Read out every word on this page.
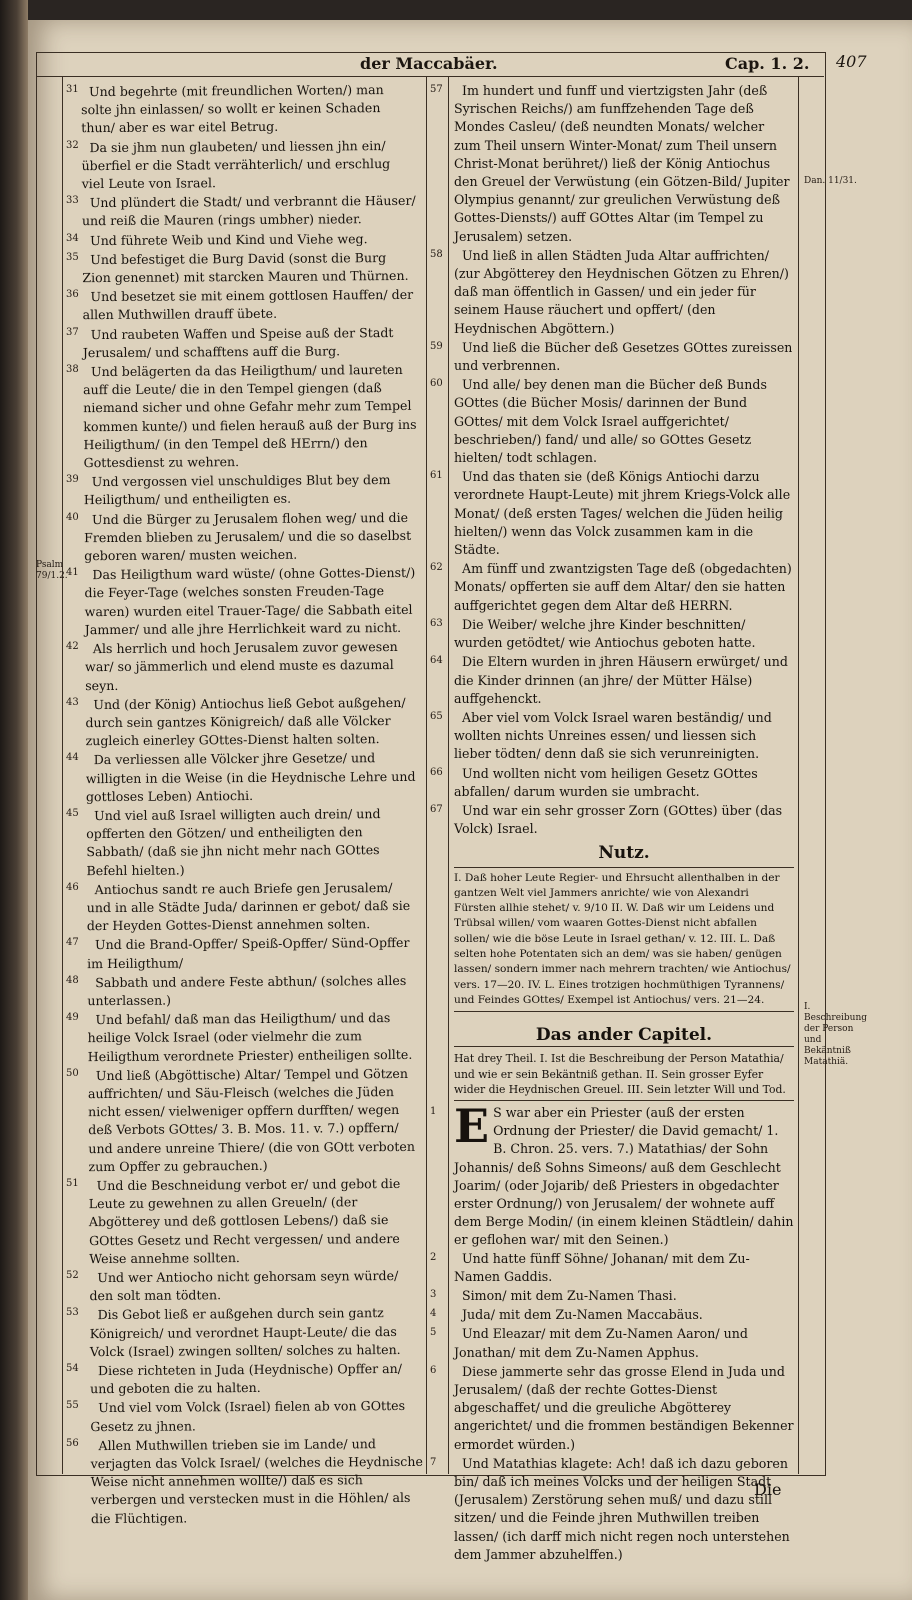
der Maccabäer.	Cap. 1. 2. 407
Psalm 79/1.2.
Und begehrte (mit freundlichen Worten/) man solte jhn einlassen/ so wollt er keinen Schaden thun/ aber es war eitel Betrug.
Da sie jhm nun glaubeten/ und liessen jhn ein/ überfiel er die Stadt verrähterlich/ und erschlug viel Leute von Israel.
Und plündert die Stadt/ und verbrannt die Häuser/ und reiß die Mauren (rings umbher) nieder.
Und führete Weib und Kind und Viehe weg.
Und befestiget die Burg David (sonst die Burg Zion genennet) mit starcken Mauren und Thürnen.
Und besetzet sie mit einem gottlosen Hauffen/ der allen Muthwillen drauff übete.
Und raubeten Waffen und Speise auß der Stadt Jerusalem/ und schafftens auff die Burg.
Und belägerten da das Heiligthum/ und laureten auff die Leute/ die in den Tempel giengen (daß niemand sicher und ohne Gefahr mehr zum Tempel kommen kunte/) und fielen herauß auß der Burg ins Heiligthum/ (in den Tempel deß HErrn/) den Gottesdienst zu wehren.
Und vergossen viel unschuldiges Blut bey dem Heiligthum/ und entheiligten es.
Und die Bürger zu Jerusalem flohen weg/ und die Fremden blieben zu Jerusalem/ und die so daselbst geboren waren/ musten weichen.
Das Heiligthum ward wüste/ (ohne Gottes-Dienst/) die Feyer-Tage (welches sonsten Freuden-Tage waren) wurden eitel Trauer-Tage/ die Sabbath eitel Jammer/ und alle jhre Herrlichkeit ward zu nicht.
Als herrlich und hoch Jerusalem zuvor gewesen war/ so jämmerlich und elend muste es dazumal seyn.
Und (der König) Antiochus ließ Gebot außgehen/ durch sein gantzes Königreich/ daß alle Völcker zugleich einerley GOttes-Dienst halten solten.
Da verliessen alle Völcker jhre Gesetze/ und willigten in die Weise (in die Heydnische Lehre und gottloses Leben) Antiochi.
Und viel auß Israel willigten auch drein/ und opfferten den Götzen/ und entheiligten den Sabbath/ (daß sie jhn nicht mehr nach GOttes Befehl hielten.)
Antiochus sandt re auch Briefe gen Jerusalem/ und in alle Städte Juda/ darinnen er gebot/ daß sie der Heyden Gottes-Dienst annehmen solten.
Und die Brand-Opffer/ Speiß-Opffer/ Sünd-Opffer im Heiligthum/
Sabbath und andere Feste abthun/ (solches alles unterlassen.)
Und befahl/ daß man das Heiligthum/ und das heilige Volck Israel (oder vielmehr die zum Heiligthum verordnete Priester) entheiligen sollte.
Und ließ (Abgöttische) Altar/ Tempel und Götzen auffrichten/ und Säu-Fleisch (welches die Jüden nicht essen/ vielweniger opffern durfften/ wegen deß Verbots GOttes/ 3. B. Mos. 11. v. 7.) opffern/ und andere unreine Thiere/ (die von GOtt verboten zum Opffer zu gebrauchen.)
Und die Beschneidung verbot er/ und gebot die Leute zu gewehnen zu allen Greueln/ (der Abgötterey und deß gottlosen Lebens/) daß sie GOttes Gesetz und Recht vergessen/ und andere Weise annehme sollten.
Und wer Antiocho nicht gehorsam seyn würde/ den solt man tödten.
Dis Gebot ließ er außgehen durch sein gantz Königreich/ und verordnet Haupt-Leute/ die das Volck (Israel) zwingen sollten/ solches zu halten.
Diese richteten in Juda (Heydnische) Opffer an/ und geboten die zu halten.
Und viel vom Volck (Israel) fielen ab von GOttes Gesetz zu jhnen.
Allen Muthwillen trieben sie im Lande/ und verjagten das Volck Israel/ (welches die Heydnische Weise nicht annehmen wollte/) daß es sich verbergen und verstecken must in die Höhlen/ als die Flüchtigen.
31
32
33
34
35
36
37
38
39
40
41
42
43
44
45
46
47
48
49
50
51
52
53
54
55
56
57
58
59
60
61
62
63
64
65
66
67
1
2
3
4
5
6
7
Im hundert und funff und viertzigsten Jahr (deß Syrischen Reichs/) am funffzehenden Tage deß Mondes Casleu/ (deß neundten Monats/ welcher zum Theil unsern Winter-Monat/ zum Theil unsern Christ-Monat berühret/) ließ der König Antiochus den Greuel der Verwüstung (ein Götzen-Bild/ Jupiter Olympius genannt/ zur greulichen Verwüstung deß Gottes-Diensts/) auff GOttes Altar (im Tempel zu Jerusalem) setzen.
Und ließ in allen Städten Juda Altar auffrichten/ (zur Abgötterey den Heydnischen Götzen zu Ehren/) daß man öffentlich in Gassen/ und ein jeder für seinem Hause räuchert und opffert/ (den Heydnischen Abgöttern.)
Und ließ die Bücher deß Gesetzes GOttes zureissen und verbrennen.
Und alle/ bey denen man die Bücher deß Bunds GOttes (die Bücher Mosis/ darinnen der Bund GOttes/ mit dem Volck Israel auffgerichtet/ beschrieben/) fand/ und alle/ so GOttes Gesetz hielten/ todt schlagen.
Und das thaten sie (deß Königs Antiochi darzu verordnete Haupt-Leute) mit jhrem Kriegs-Volck alle Monat/ (deß ersten Tages/ welchen die Jüden heilig hielten/) wenn das Volck zusammen kam in die Städte.
Am fünff und zwantzigsten Tage deß (obgedachten) Monats/ opfferten sie auff dem Altar/ den sie hatten auffgerichtet gegen dem Altar deß HERRN.
Die Weiber/ welche jhre Kinder beschnitten/ wurden getödtet/ wie Antiochus geboten hatte.
Die Eltern wurden in jhren Häusern erwürget/ und die Kinder drinnen (an jhre/ der Mütter Hälse) auffgehenckt.
Aber viel vom Volck Israel waren beständig/ und wollten nichts Unreines essen/ und liessen sich lieber tödten/ denn daß sie sich verunreinigten.
Und wollten nicht vom heiligen Gesetz GOttes abfallen/ darum wurden sie umbracht.
Und war ein sehr grosser Zorn (GOttes) über (das Volck) Israel.
Nutz.
I. Daß hoher Leute Regier- und Ehrsucht allenthalben in der gantzen Welt viel Jammers anrichte/ wie von Alexandri Fürsten allhie stehet/ v. 9/10 II. W. Daß wir um Leidens und Trübsal willen/ vom waaren Gottes-Dienst nicht abfallen sollen/ wie die böse Leute in Israel gethan/ v. 12. III. L. Daß selten hohe Potentaten sich an dem/ was sie haben/ genügen lassen/ sondern immer nach mehrern trachten/ wie Antiochus/ vers. 17—20. IV. L. Eines trotzigen hochmüthigen Tyrannens/ und Feindes GOttes/ Exempel ist Antiochus/ vers. 21—24.
Das ander Capitel.
Hat drey Theil. I. Ist die Beschreibung der Person Matathia/ und wie er sein Bekäntniß gethan. II. Sein grosser Eyfer wider die Heydnischen Greuel. III. Sein letzter Will und Tod.
E S war aber ein Priester (auß der ersten Ordnung der Priester/ die David gemacht/ 1. B. Chron. 25. vers. 7.) Matathias/ der Sohn Johannis/ deß Sohns Simeons/ auß dem Geschlecht Joarim/ (oder Jojarib/ deß Priesters in obgedachter erster Ordnung/) von Jerusalem/ der wohnete auff dem Berge Modin/ (in einem kleinen Städtlein/ dahin er geflohen war/ mit den Seinen.)
Und hatte fünff Söhne/ Johanan/ mit dem Zu-Namen Gaddis.
Simon/ mit dem Zu-Namen Thasi.
Juda/ mit dem Zu-Namen Maccabäus.
Und Eleazar/ mit dem Zu-Namen Aaron/ und Jonathan/ mit dem Zu-Namen Apphus.
Diese jammerte sehr das grosse Elend in Juda und Jerusalem/ (daß der rechte Gottes-Dienst abgeschaffet/ und die greuliche Abgötterey angerichtet/ und die frommen beständigen Bekenner ermordet würden.)
Und Matathias klagete: Ach! daß ich dazu geboren bin/ daß ich meines Volcks und der heiligen Stadt (Jerusalem) Zerstörung sehen muß/ und dazu still sitzen/ und die Feinde jhren Muthwillen treiben lassen/ (ich darff mich nicht regen noch unterstehen dem Jammer abzuhelffen.)
Dan. 11/31.
I. Beschreibung der Person und Bekäntniß Matathiä.
Die
